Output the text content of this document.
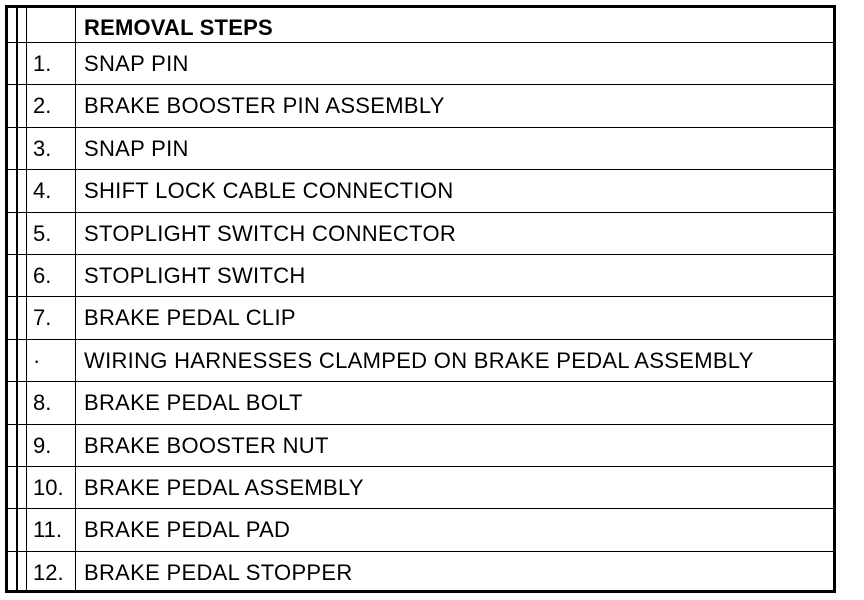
REMOVAL STEPS
1. SNAP PIN
2. BRAKE BOOSTER PIN ASSEMBLY
3. SNAP PIN
4. SHIFT LOCK CABLE CONNECTION
5. STOPLIGHT SWITCH CONNECTOR
6. STOPLIGHT SWITCH
7. BRAKE PEDAL CLIP
· WIRING HARNESSES CLAMPED ON BRAKE PEDAL ASSEMBLY
8. BRAKE PEDAL BOLT
9. BRAKE BOOSTER NUT
10. BRAKE PEDAL ASSEMBLY
11. BRAKE PEDAL PAD
12. BRAKE PEDAL STOPPER
